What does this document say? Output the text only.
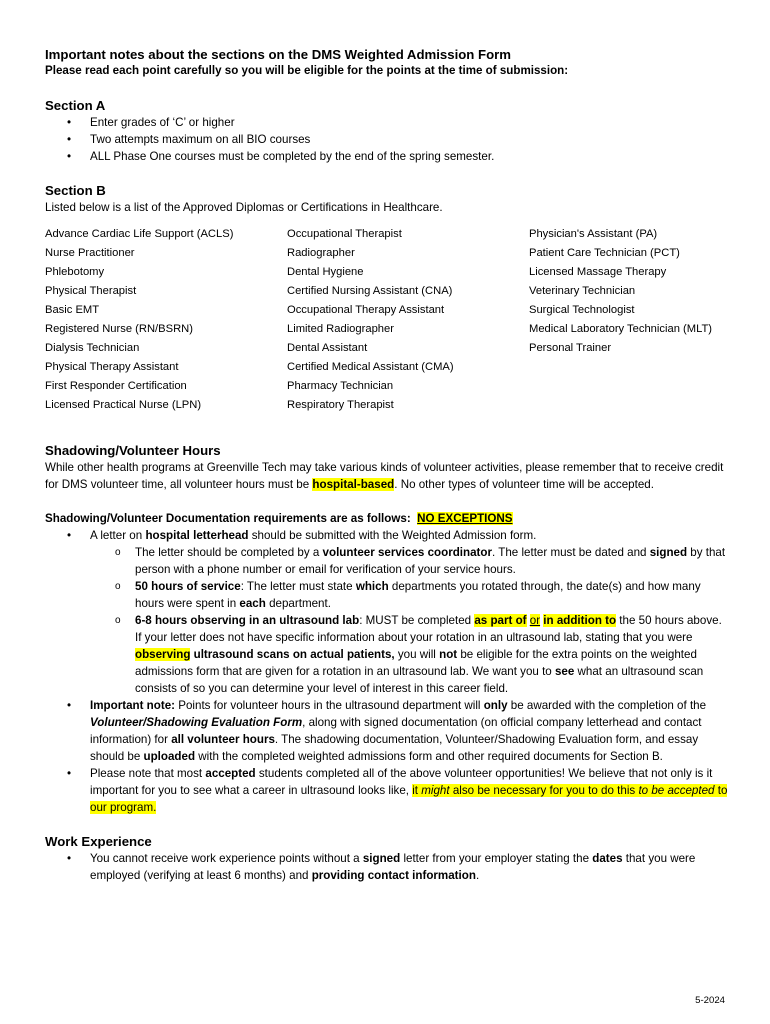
Important notes about the sections on the DMS Weighted Admission Form

Please read each point carefully so you will be eligible for the points at the time of submission:

Section A
• Enter grades of ‘C’ or higher
• Two attempts maximum on all BIO courses
• ALL Phase One courses must be completed by the end of the spring semester.
Section B

Listed below is a list of the Approved Diplomas or Certifications in Healthcare.

Advance Cardiac Life Support (ACLS)	Occupational Therapist	Physician's Assistant (PA)
Nurse Practitioner	Radiographer	Patient Care Technician (PCT)
Phlebotomy	Dental Hygiene	Licensed Massage Therapy
Physical Therapist	Certified Nursing Assistant (CNA)	Veterinary Technician
Basic EMT	Occupational Therapy Assistant	Surgical Technologist
Registered Nurse (RN/BSRN)	Limited Radiographer	Medical Laboratory Technician (MLT)
Dialysis Technician	Dental Assistant	Personal Trainer
Physical Therapy Assistant	Certified Medical Assistant (CMA)
First Responder Certification	Pharmacy Technician
Licensed Practical Nurse (LPN)	Respiratory Therapist
Shadowing/Volunteer Hours

While other health programs at Greenville Tech may take various kinds of volunteer activities, please remember that to receive credit for DMS volunteer time, all volunteer hours must be hospital-based. No other types of volunteer time will be accepted.

Shadowing/Volunteer Documentation requirements are as follows: NO EXCEPTIONS

• A letter on hospital letterhead should be submitted with the Weighted Admission form.
o The letter should be completed by a volunteer services coordinator. The letter must be dated and signed by that person with a phone number or email for verification of your service hours.
o 50 hours of service: The letter must state which departments you rotated through, the date(s) and how many hours were spent in each department.
o 6-8 hours observing in an ultrasound lab: MUST be completed as part of or in addition to the 50 hours above. If your letter does not have specific information about your rotation in an ultrasound lab, stating that you were observing ultrasound scans on actual patients, you will not be eligible for the extra points on the weighted admissions form that are given for a rotation in an ultrasound lab. We want you to see what an ultrasound scan consists of so you can determine your level of interest in this career field.
• Important note: Points for volunteer hours in the ultrasound department will only be awarded with the completion of the Volunteer/Shadowing Evaluation Form, along with signed documentation (on official company letterhead and contact information) for all volunteer hours. The shadowing documentation, Volunteer/Shadowing Evaluation form, and essay should be uploaded with the completed weighted admissions form and other required documents for Section B.
• Please note that most accepted students completed all of the above volunteer opportunities! We believe that not only is it important for you to see what a career in ultrasound looks like, it might also be necessary for you to do this to be accepted to our program.
Work Experience
• You cannot receive work experience points without a signed letter from your employer stating the dates that you were employed (verifying at least 6 months) and providing contact information.
5-2024
